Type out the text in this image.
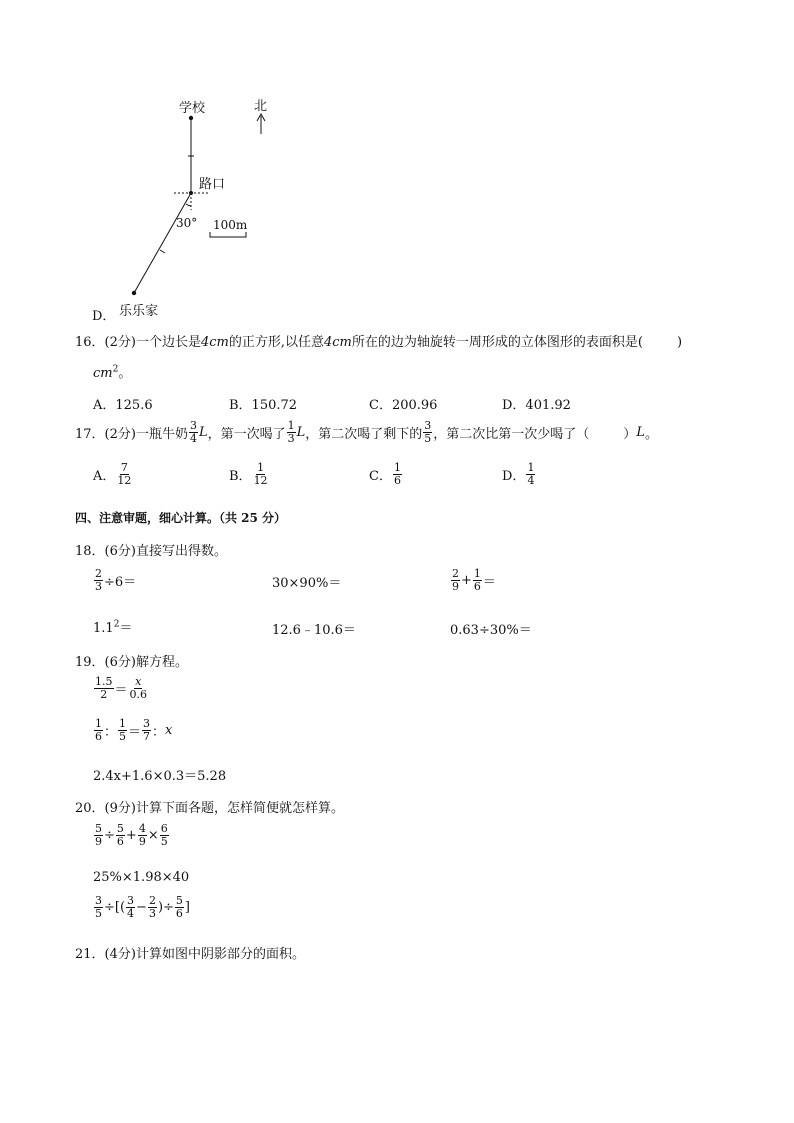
学校	北
路口
30° 100m
D． 乐乐家
16．(2分)一个边长是4cm的正方形,以任意4cm所在的边为轴旋转一周形成的立体图形的表面积是(	)
$cm^2$。
A．125.6	B．150.72	C．200.96	D．401.92
17．(2分)一瓶牛奶 $\frac{3}{4}$ L ，第一次喝了 $\frac{1}{3}$ L ，第二次喝了剩下的 $\frac{3}{5}$ ，第二次比第一次少喝了（	） L 。
A． $\frac{7}{12}$	B． $\frac{1}{12}$	C． $\frac{1}{6}$	D． $\frac{1}{4}$
四、注意审题，细心计算。（共 25 分）
18．(6分)直接写出得数。
$\frac{2}{3} \div 6=$	30×90%＝	$\frac{2}{9} + \frac{1}{6}$ ＝
$1.1^2=$	12.6﹣10.6＝	0.63÷30%＝
19．(6分)解方程。
$\frac{1.5}{2} = \frac{x}{0.6}$
$\frac{1}{6}$ ： $\frac{1}{5} = \frac{3}{7}$ ： x
2.4x+1.6×0.3＝5.28
20．(9分)计算下面各题，怎样简便就怎样算。
$\frac{5}{9} \div \frac{5}{6} + \frac{4}{9} \times \frac{6}{5}$
25%×1.98×40
$\frac{3}{5}$ ÷[( $\frac{3}{4} - \frac{2}{3}$ )÷ $\frac{5}{6}$ ]
21．(4分)计算如图中阴影部分的面积。
